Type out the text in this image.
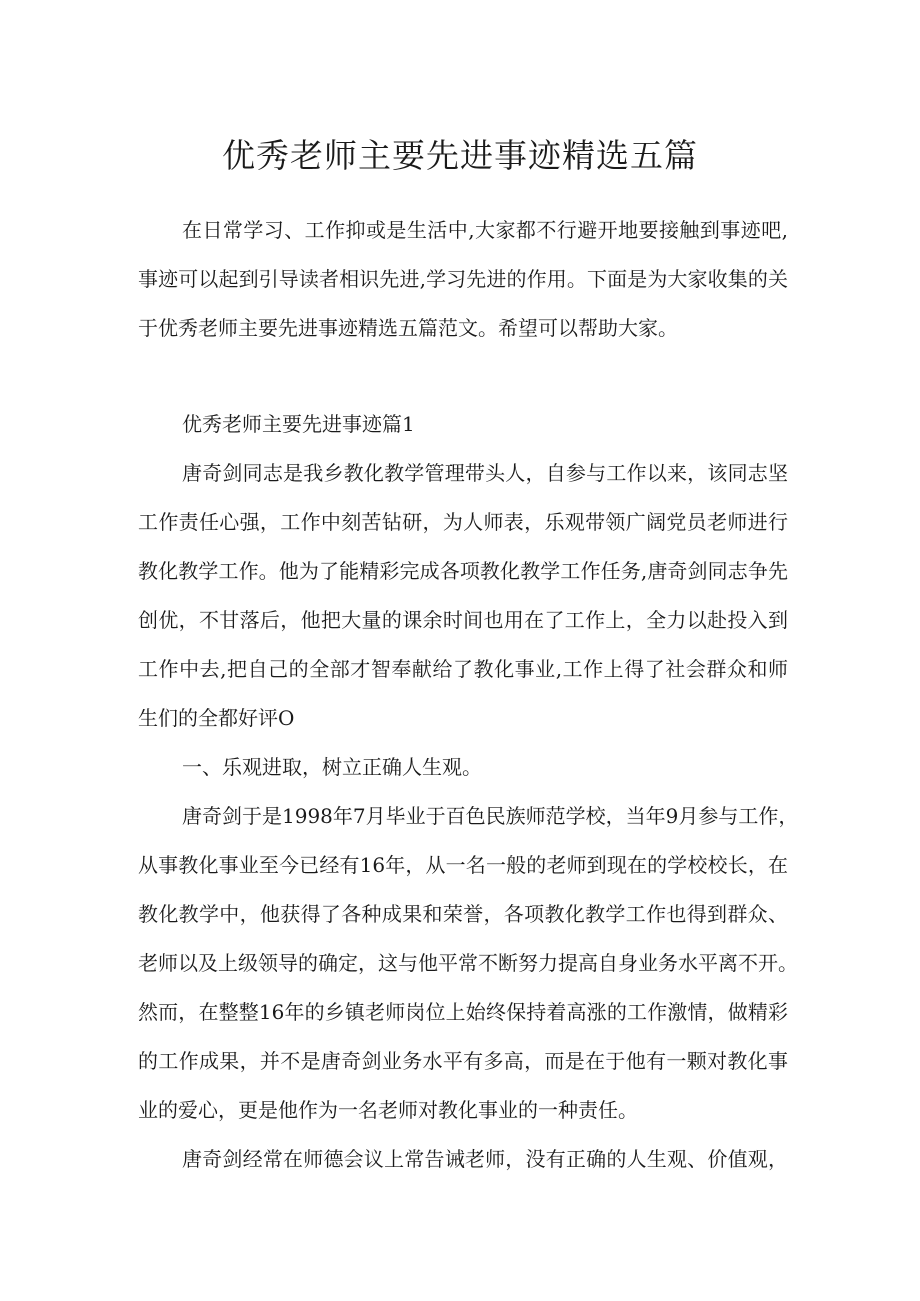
优秀老师主要先进事迹精选五篇

在日常学习、工作抑或是生活中,大家都不行避开地要接触到事迹吧,

事迹可以起到引导读者相识先进,学习先进的作用。下面是为大家收集的关

于优秀老师主要先进事迹精选五篇范文。希望可以帮助大家。

优秀老师主要先进事迹篇1

唐奇剑同志是我乡教化教学管理带头人，自参与工作以来，该同志坚

工作责任心强，工作中刻苦钻研，为人师表，乐观带领广阔党员老师进行

教化教学工作。他为了能精彩完成各项教化教学工作任务,唐奇剑同志争先

创优，不甘落后，他把大量的课余时间也用在了工作上，全力以赴投入到

工作中去,把自己的全部才智奉献给了教化事业,工作上得了社会群众和师

生们的全都好评O

一、乐观进取，树立正确人生观。

唐奇剑于是1998年7月毕业于百色民族师范学校，当年9月参与工作，

从事教化事业至今已经有16年，从一名一般的老师到现在的学校校长，在

教化教学中，他获得了各种成果和荣誉，各项教化教学工作也得到群众、

老师以及上级领导的确定，这与他平常不断努力提高自身业务水平离不开。

然而，在整整16年的乡镇老师岗位上始终保持着高涨的工作激情，做精彩

的工作成果，并不是唐奇剑业务水平有多高，而是在于他有一颗对教化事

业的爱心，更是他作为一名老师对教化事业的一种责任。

唐奇剑经常在师德会议上常告诫老师，没有正确的人生观、价值观，
